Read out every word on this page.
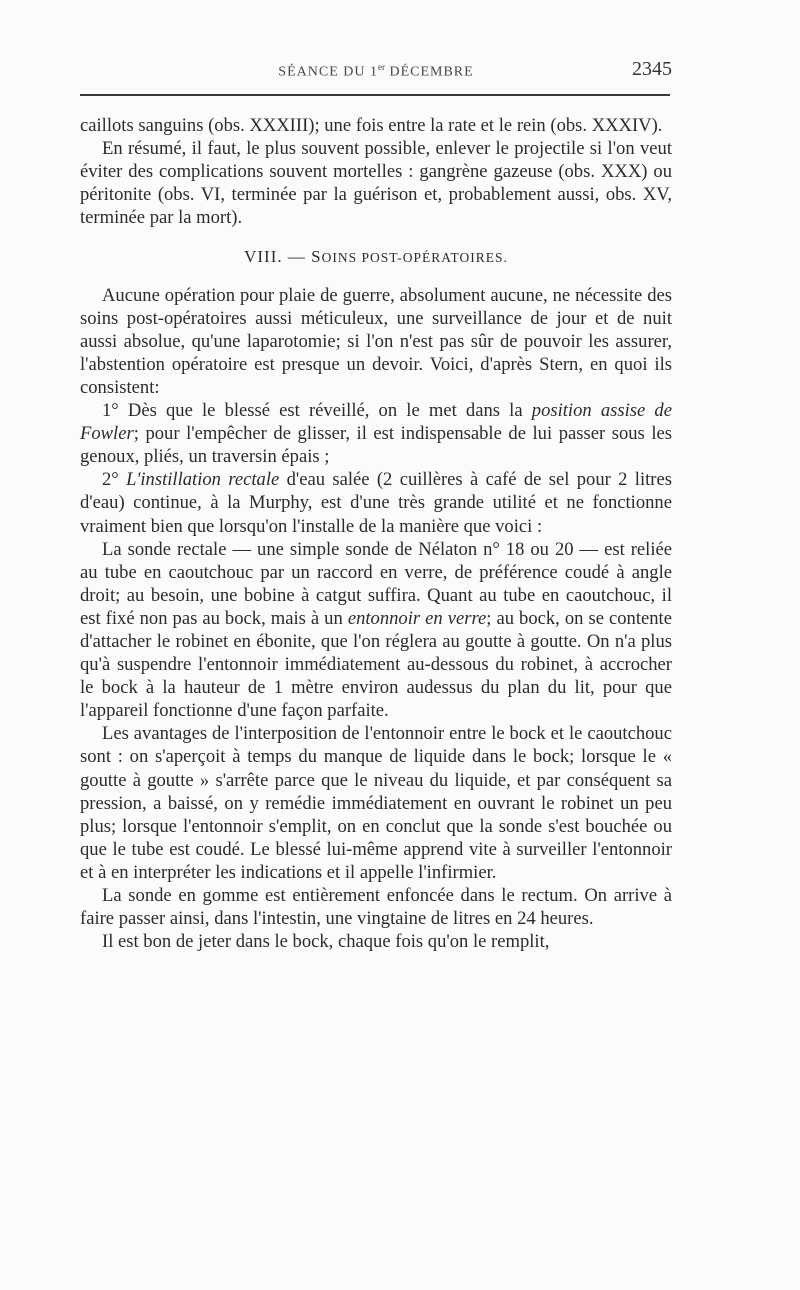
SÉANCE DU 1er DÉCEMBRE	2345

caillots sanguins (obs. XXXIII); une fois entre la rate et le rein (obs. XXXIV).

En résumé, il faut, le plus souvent possible, enlever le projectile si l'on veut éviter des complications souvent mortelles : gangrène gazeuse (obs. XXX) ou péritonite (obs. VI, terminée par la guérison et, probablement aussi, obs. XV, terminée par la mort).

VIII. — SOINS POST-OPÉRATOIRES.

Aucune opération pour plaie de guerre, absolument aucune, ne nécessite des soins post-opératoires aussi méticuleux, une surveillance de jour et de nuit aussi absolue, qu'une laparotomie; si l'on n'est pas sûr de pouvoir les assurer, l'abstention opératoire est presque un devoir. Voici, d'après Stern, en quoi ils consistent:

1° Dès que le blessé est réveillé, on le met dans la position assise de Fowler; pour l'empêcher de glisser, il est indispensable de lui passer sous les genoux, pliés, un traversin épais ;

2° L'instillation rectale d'eau salée (2 cuillères à café de sel pour 2 litres d'eau) continue, à la Murphy, est d'une très grande utilité et ne fonctionne vraiment bien que lorsqu'on l'installe de la manière que voici :

La sonde rectale — une simple sonde de Nélaton n° 18 ou 20 — est reliée au tube en caoutchouc par un raccord en verre, de préférence coudé à angle droit; au besoin, une bobine à catgut suffira. Quant au tube en caoutchouc, il est fixé non pas au bock, mais à un entonnoir en verre; au bock, on se contente d'attacher le robinet en ébonite, que l'on réglera au goutte à goutte. On n'a plus qu'à suspendre l'entonnoir immédiatement au-dessous du robinet, à accrocher le bock à la hauteur de 1 mètre environ audessus du plan du lit, pour que l'appareil fonctionne d'une façon parfaite.

Les avantages de l'interposition de l'entonnoir entre le bock et le caoutchouc sont : on s'aperçoit à temps du manque de liquide dans le bock; lorsque le « goutte à goutte » s'arrête parce que le niveau du liquide, et par conséquent sa pression, a baissé, on y remédie immédiatement en ouvrant le robinet un peu plus; lorsque l'entonnoir s'emplit, on en conclut que la sonde s'est bouchée ou que le tube est coudé. Le blessé lui-même apprend vite à surveiller l'entonnoir et à en interpréter les indications et il appelle l'infirmier.

La sonde en gomme est entièrement enfoncée dans le rectum. On arrive à faire passer ainsi, dans l'intestin, une vingtaine de litres en 24 heures.

Il est bon de jeter dans le bock, chaque fois qu'on le remplit,
